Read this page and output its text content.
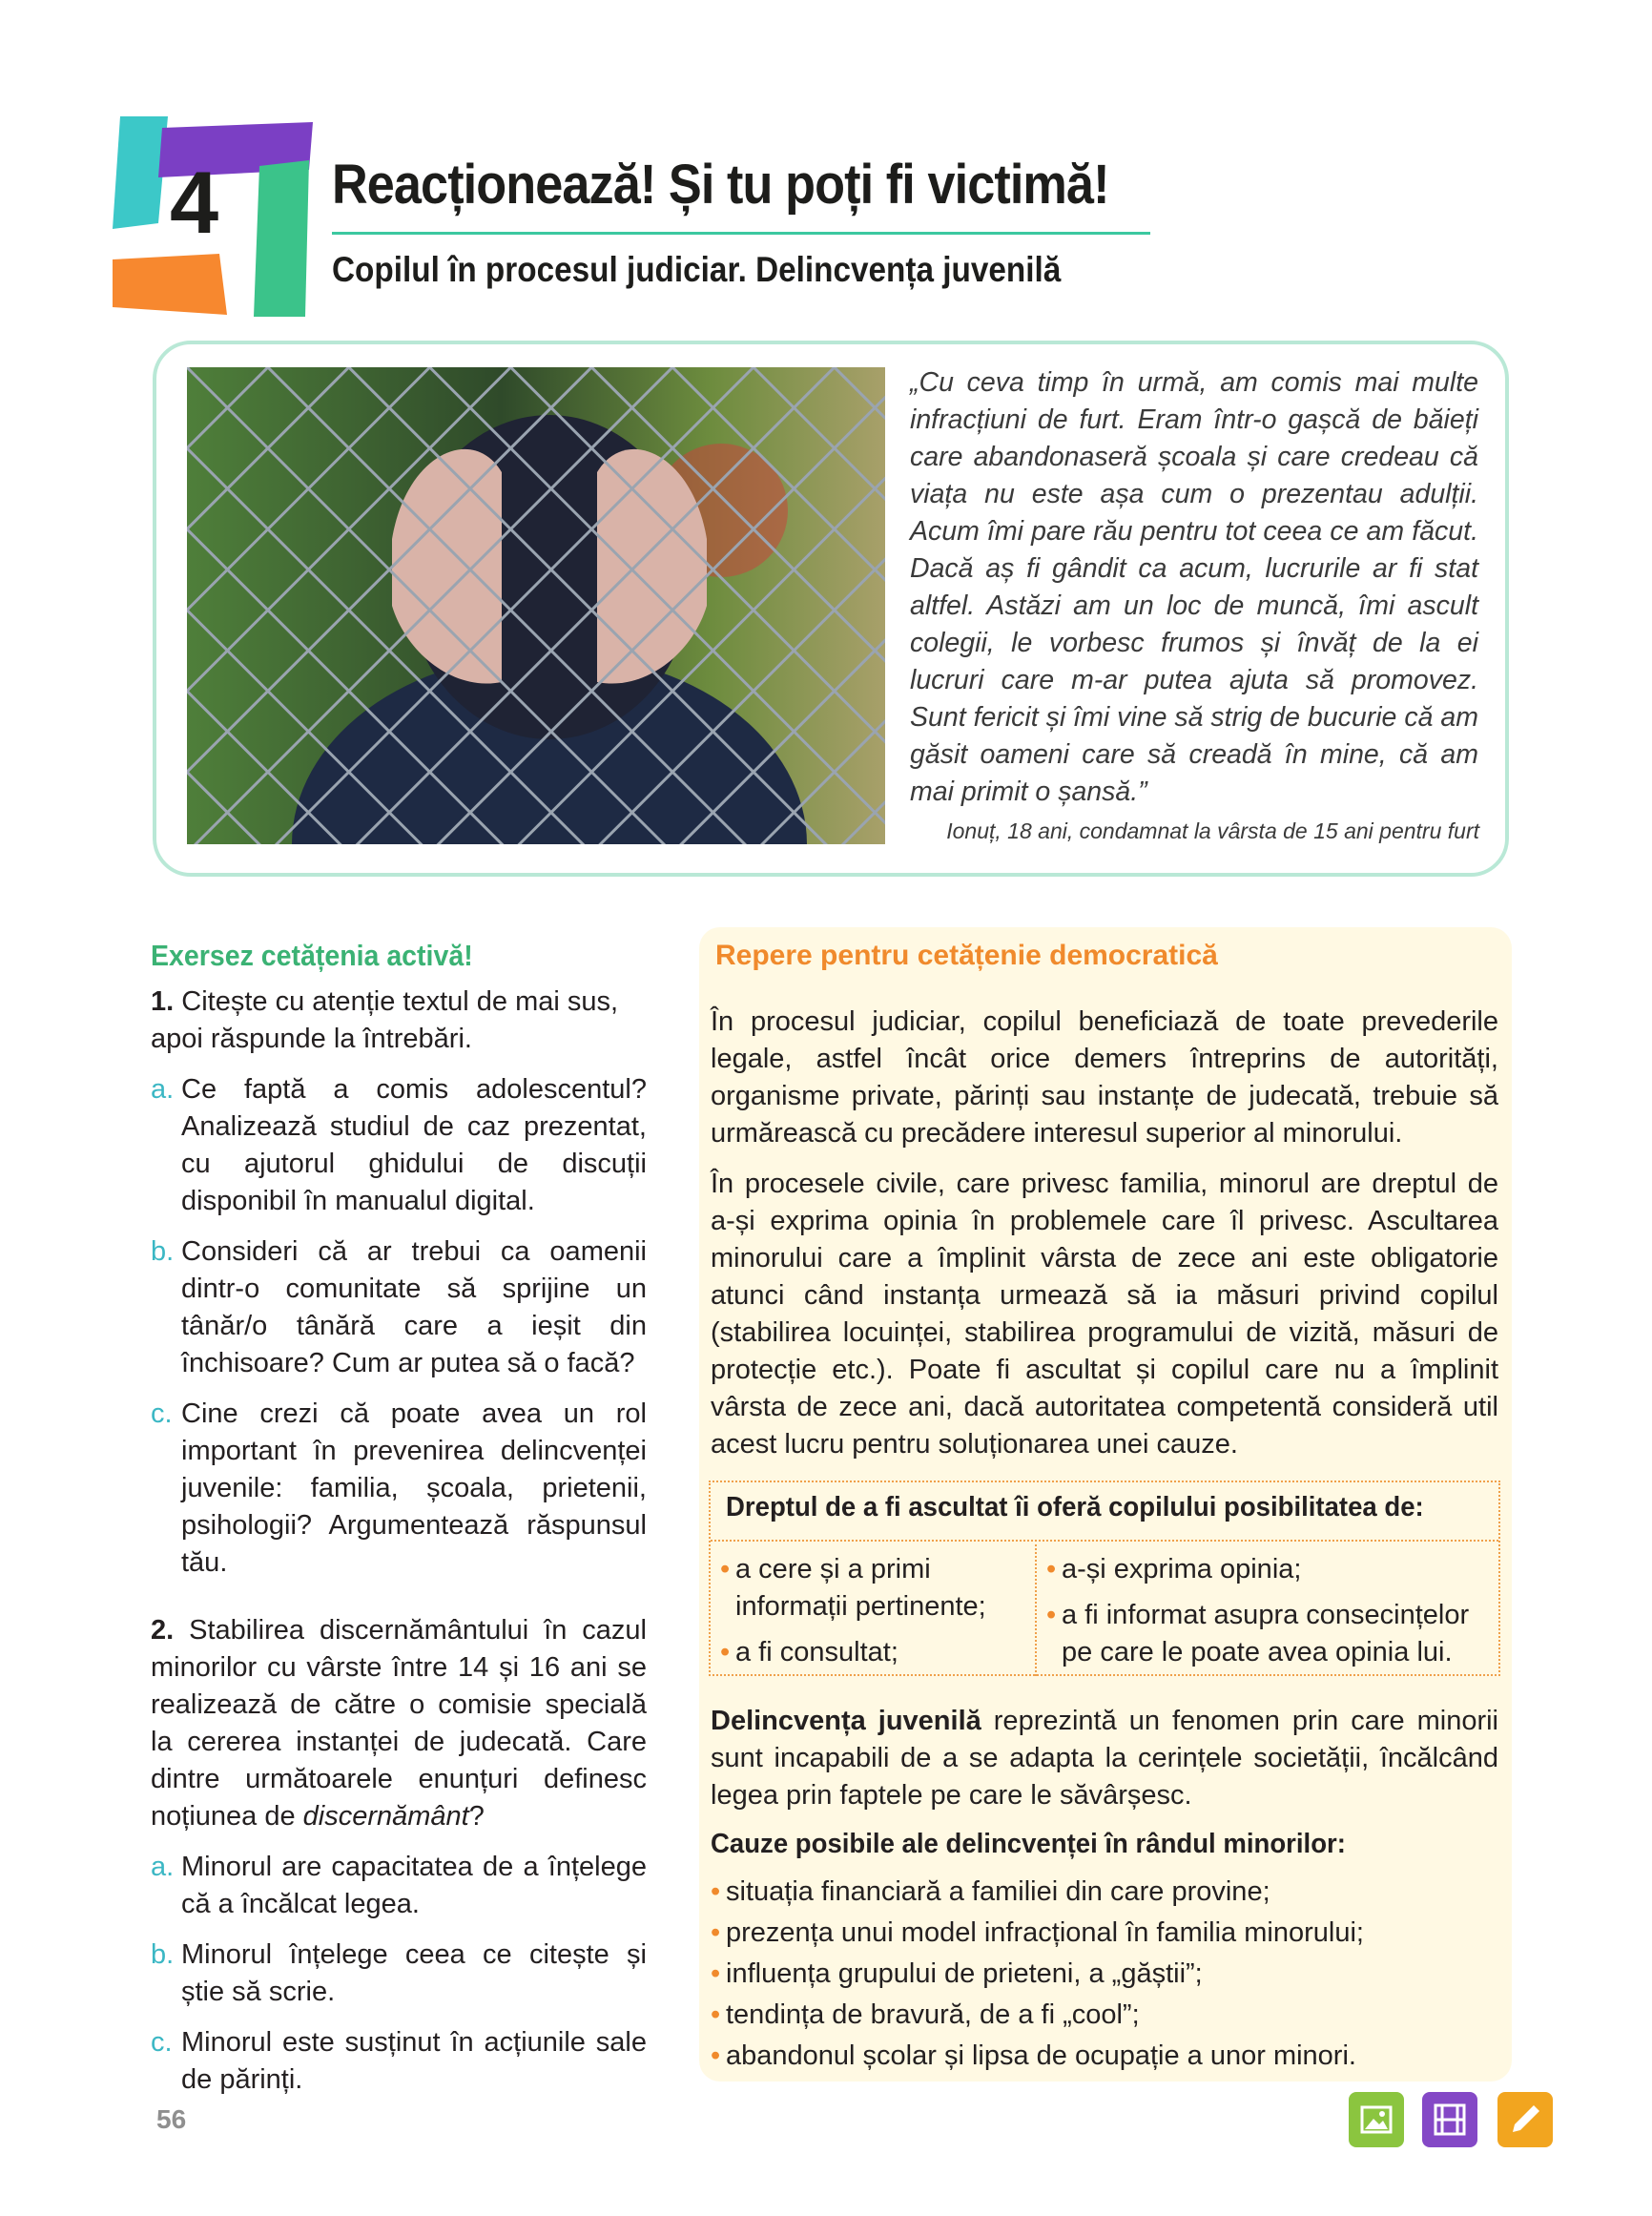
4 Reacționează! Și tu poți fi victimă!
Copilul în procesul judiciar. Delincvența juvenilă
„Cu ceva timp în urmă, am comis mai multe infracțiuni de furt. Eram într-o gașcă de băieți care abandonaseră școala și care credeau că viața nu este așa cum o prezentau adulții. Acum îmi pare rău pentru tot ceea ce am făcut. Dacă aș fi gândit ca acum, lucrurile ar fi stat altfel. Astăzi am un loc de muncă, îmi ascult colegii, le vorbesc frumos și învăț de la ei lucruri care m-ar putea ajuta să promovez. Sunt fericit și îmi vine să strig de bucurie că am găsit oameni care să creadă în mine, că am mai primit o șansă.”
Ionuț, 18 ani, condamnat la vârsta de 15 ani pentru furt
Exersez cetățenia activă!
1. Citește cu atenție textul de mai sus, apoi răspunde la întrebări.
a. Ce faptă a comis adolescentul? Analizează studiul de caz prezentat, cu ajutorul ghidului de discuții disponibil în manualul digital.
b. Consideri că ar trebui ca oamenii dintr-o comunitate să sprijine un tânăr/o tânără care a ieșit din închisoare? Cum ar putea să o facă?
c. Cine crezi că poate avea un rol important în prevenirea delincvenței juvenile: familia, școala, prietenii, psihologii? Argumentează răspunsul tău.
2. Stabilirea discernământului în cazul minorilor cu vârste între 14 și 16 ani se realizează de către o comisie specială la cererea instanței de judecată. Care dintre următoarele enunțuri definesc noțiunea de discernământ?
a. Minorul are capacitatea de a înțelege că a încălcat legea.
b. Minorul înțelege ceea ce citește și știe să scrie.
c. Minorul este susținut în acțiunile sale de părinți.
Repere pentru cetățenie democratică

În procesul judiciar, copilul beneficiază de toate prevederile legale, astfel încât orice demers întreprins de autorități, organisme private, părinți sau instanțe de judecată, trebuie să urmărească cu precădere interesul superior al minorului.

În procesele civile, care privesc familia, minorul are dreptul de a-și exprima opinia în problemele care îl privesc. Ascultarea minorului care a împlinit vârsta de zece ani este obligatorie atunci când instanța urmează să ia măsuri privind copilul (stabilirea locuinței, stabilirea programului de vizită, măsuri de protecție etc.). Poate fi ascultat și copilul care nu a împlinit vârsta de zece ani, dacă autoritatea competentă consideră util acest lucru pentru soluționarea unei cauze.

Dreptul de a fi ascultat îi oferă copilului posibilitatea de:
• a cere și a primi informații pertinente;
• a fi consultat;
• a-și exprima opinia;
• a fi informat asupra consecințelor pe care le poate avea opinia lui.
Delincvența juvenilă reprezintă un fenomen prin care minorii sunt incapabili de a se adapta la cerințele societății, încălcând legea prin faptele pe care le săvârșesc.
Cauze posibile ale delincvenței în rândul minorilor:
• situația financiară a familiei din care provine;
• prezența unui model infracțional în familia minorului;
• influența grupului de prieteni, a „găștii”;
• tendința de bravură, de a fi „cool”;
• abandonul școlar și lipsa de ocupație a unor minori.
56
